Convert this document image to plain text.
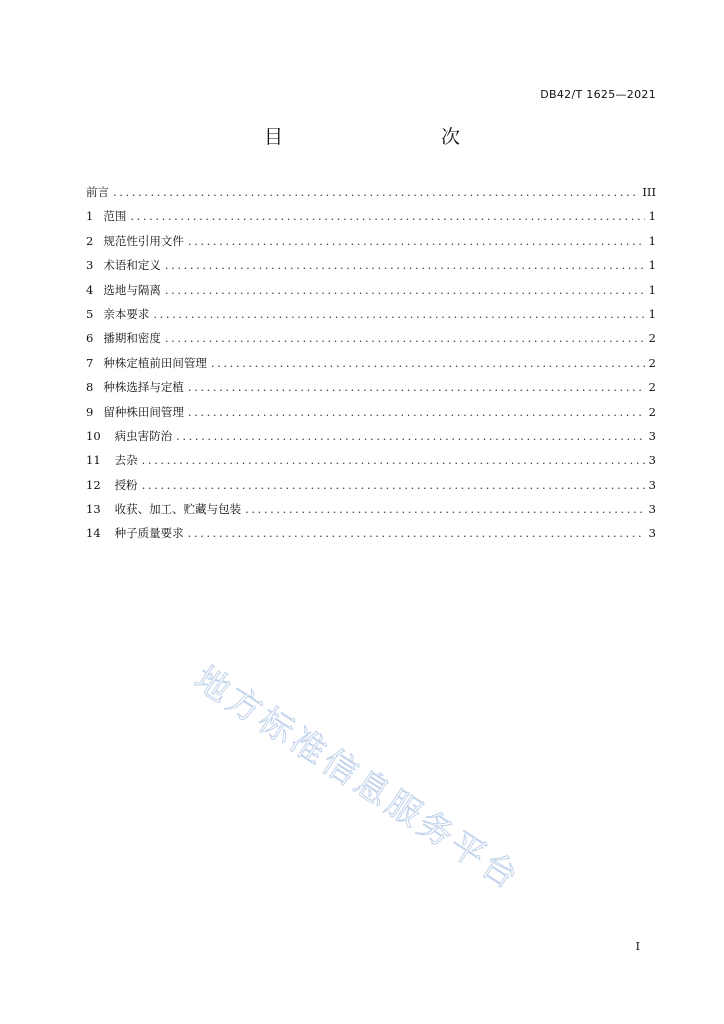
DB42/T 1625—2021
目　　次
前言 .....	III
1 范围 .....	1
2 规范性引用文件 .....	1
3 术语和定义 .....	1
4 选地与隔离 .....	1
5 亲本要求 .....	1
6 播期和密度 .....	2
7 种株定植前田间管理 .....	2
8 种株选择与定植 .....	2
9 留种株田间管理 .....	2
10	病虫害防治 .....	3
11	去杂 .....	3
12	授粉 .....	3
13	收获、加工、贮藏与包装 .....	3
14	种子质量要求 .....	3
地方标准信息服务平台
I
